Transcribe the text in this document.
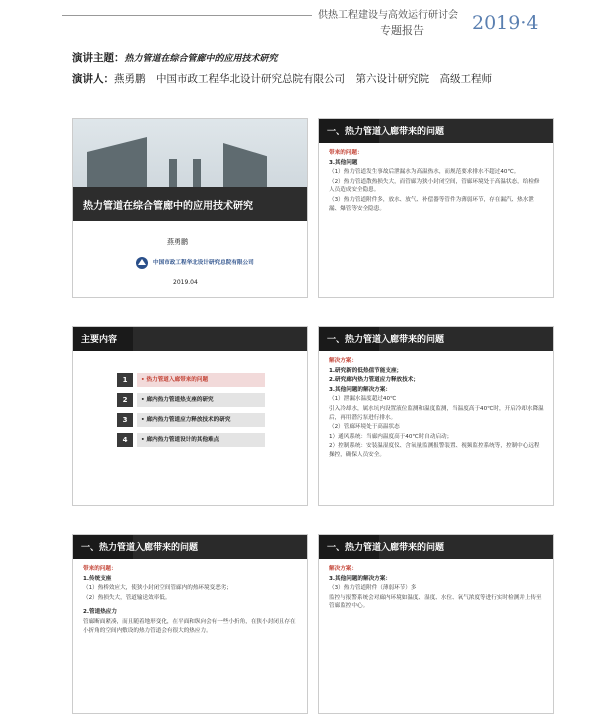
供热工程建设与高效运行研讨会
专题报告	2019·4
演讲主题：热力管道在综合管廊中的应用技术研究
演讲人：燕勇鹏　中国市政工程华北设计研究总院有限公司　第六设计研究院　高级工程师
热力管道在综合管廊中的应用技术研究
燕勇鹏
中国市政工程华北设计研究总院有限公司
2019.04
一、热力管道入廊带来的问题

带来的问题：

3.其他问题

（1）热力管道发生事故后泄漏水为高温热水，而规范要求排水不超过40℃。

（2）热力管道散热损失大，而管廊为狭小封闭空间，管廊环境处于高温状态，给检修人员造成安全隐患。

（3）热力管道附件多，放水、放气、补偿器等管件为薄弱环节，存在漏汽、热水泄漏、爆管等安全隐患。

主要内容
1	• 热力管道入廊带来的问题
2	• 廊内热力管道热支座的研究
3	• 廊内热力管道应力释放技术的研究
4	• 廊内热力管道设计的其他难点
一、热力管道入廊带来的问题

解决方案：

1.研究新的低热值节能支座；

2.研究廊内热力管道应力释放技术；

3.其他问题的解决方案：

（1）泄漏水温度超过40℃

引入冷却水，属水坑内设置液位监测和温度监测，当温度高于40℃时，开启冷却水降温后，再用潜污泵进行排水。

（2）管廊环境处于高温状态

1）通风系统：当廊内温度高于40℃时自动启动；

2）控制系统：安装温湿度仪、含氧量监测报警装置、视频监控系统等，控制中心远程操控，确保人员安全。

一、热力管道入廊带来的问题

带来的问题：

1.传统支座

（1）热桥效应大，使狭小封闭空间管廊内的热环境变恶劣；

（2）热损失大，管道输送效率低。

2.管道热应力

管廊断面紧凑，而且随着地形变化，在平面和纵向会有一些小折角，在狭小封闭且存在小折角的空间内敷设的热力管道会有很大的热应力。

一、热力管道入廊带来的问题

解决方案：

3.其他问题的解决方案：

（3）热力管道附件（薄弱环节）多

监控与报警系统会对廊内环境如温度、湿度、水位、氧气浓度等进行实时检测并上传至管廊监控中心。
